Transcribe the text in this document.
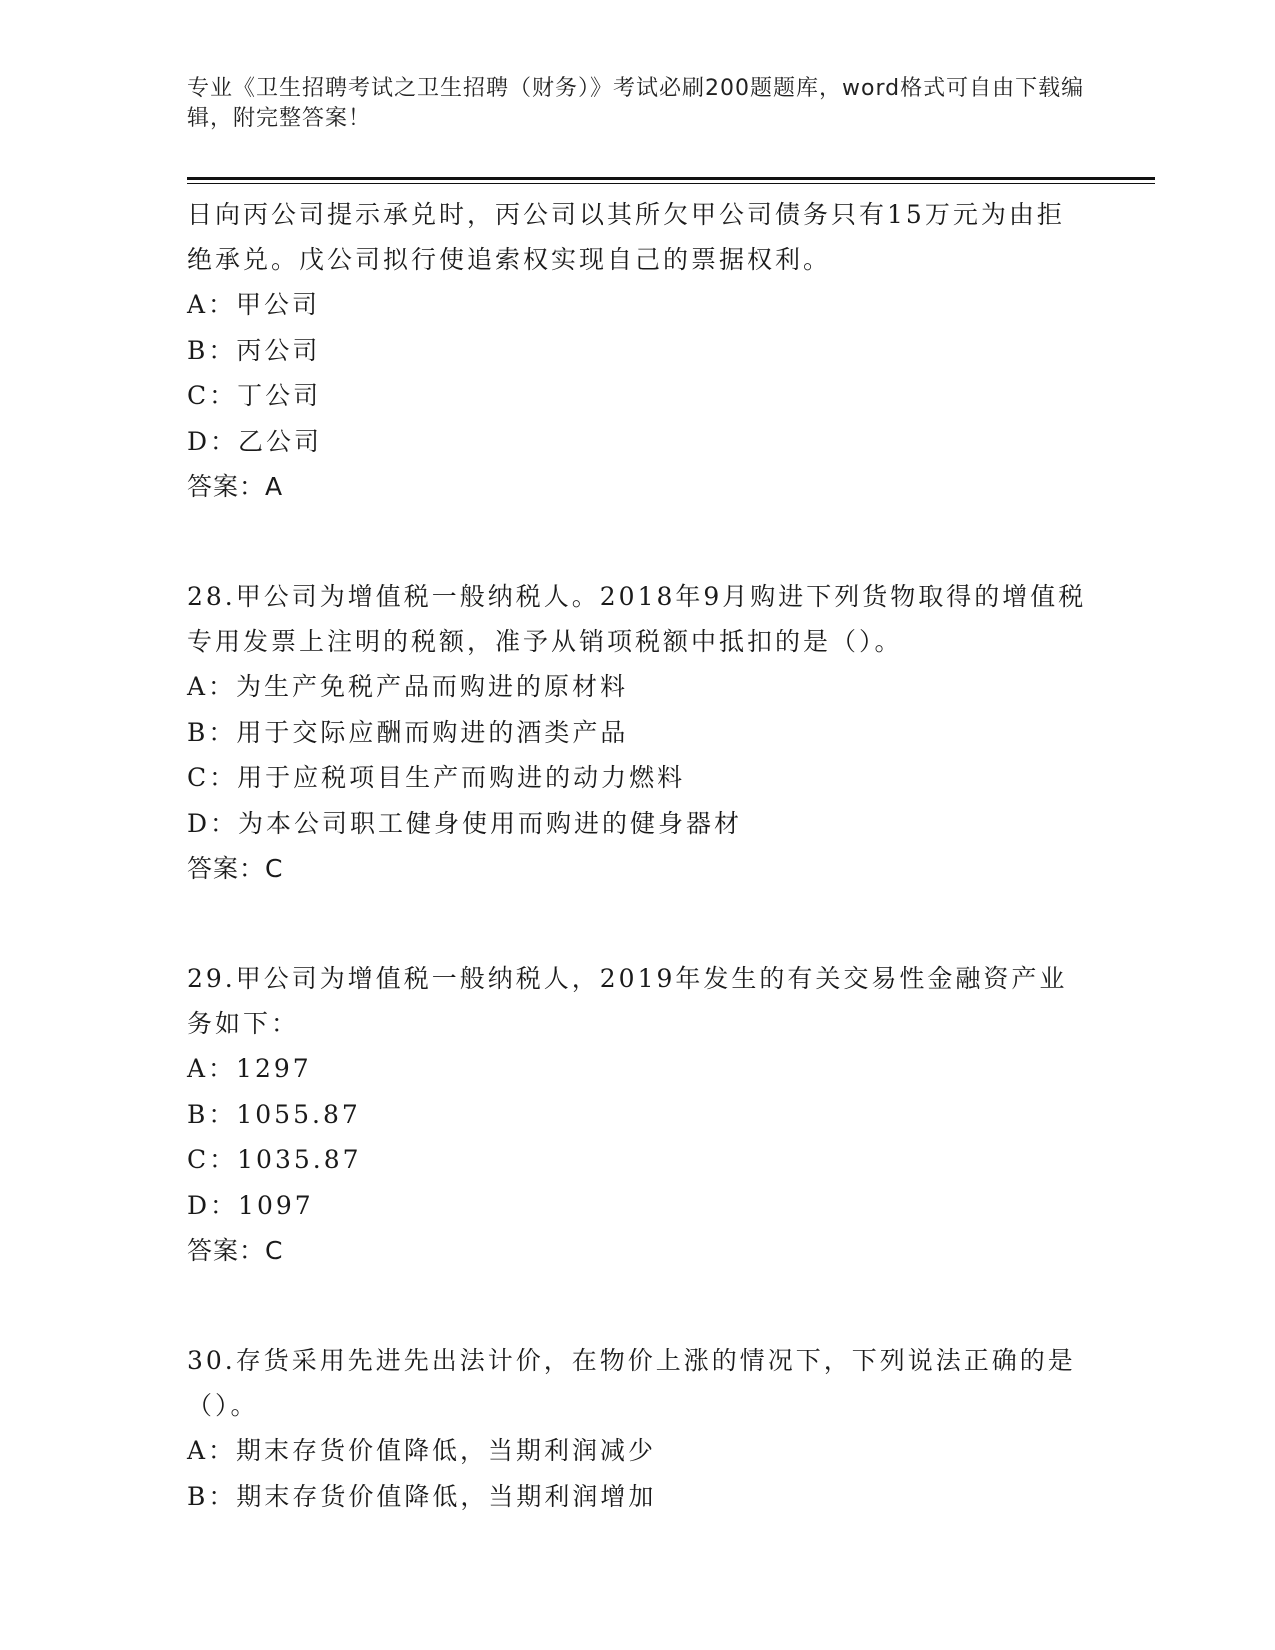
专业《卫生招聘考试之卫生招聘（财务）》考试必刷200题题库，word格式可自由下载编辑，附完整答案！

日向丙公司提示承兑时，丙公司以其所欠甲公司债务只有15万元为由拒绝承兑。戊公司拟行使追索权实现自己的票据权利。

A：甲公司

B：丙公司

C：丁公司

D：乙公司

答案：A

28.甲公司为增值税一般纳税人。2018年9月购进下列货物取得的增值税专用发票上注明的税额，准予从销项税额中抵扣的是（）。

A：为生产免税产品而购进的原材料

B：用于交际应酬而购进的酒类产品

C：用于应税项目生产而购进的动力燃料

D：为本公司职工健身使用而购进的健身器材

答案：C

29.甲公司为增值税一般纳税人，2019年发生的有关交易性金融资产业务如下：

A：1297

B：1055.87

C：1035.87

D：1097

答案：C

30.存货采用先进先出法计价，在物价上涨的情况下，下列说法正确的是（）。

A：期末存货价值降低，当期利润减少

B：期末存货价值降低，当期利润增加
